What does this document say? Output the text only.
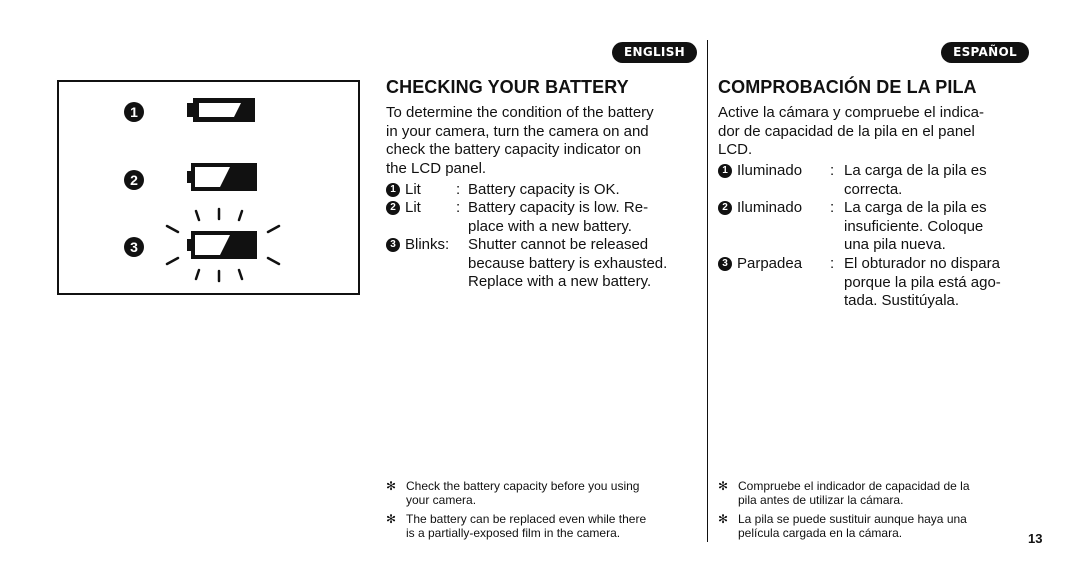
1
2
3
ENGLISH	ESPAÑOL
CHECKING YOUR BATTERY

To determine the condition of the battery

in your camera, turn the camera on and

check the battery capacity indicator on

the LCD panel.

1 Lit : Battery capacity is OK.
2 Lit : Battery capacity is low. Re-
place with a new battery.
3 Blinks: Shutter cannot be released
because battery is exhausted.
Replace with a new battery.
✻ Check the battery capacity before you using
your camera.
✻ The battery can be replaced even while there
is a partially-exposed film in the camera.
COMPROBACIÓN DE LA PILA

Active la cámara y compruebe el indica-

dor de capacidad de la pila en el panel

LCD.

1 Iluminado : La carga de la pila es
correcta.
2 Iluminado : La carga de la pila es
insuficiente. Coloque
una pila nueva.
3 Parpadea : El obturador no dispara
porque la pila está ago-
tada. Sustitúyala.
✻ Compruebe el indicador de capacidad de la
pila antes de utilizar la cámara.
✻ La pila se puede sustituir aunque haya una
película cargada en la cámara.	13
